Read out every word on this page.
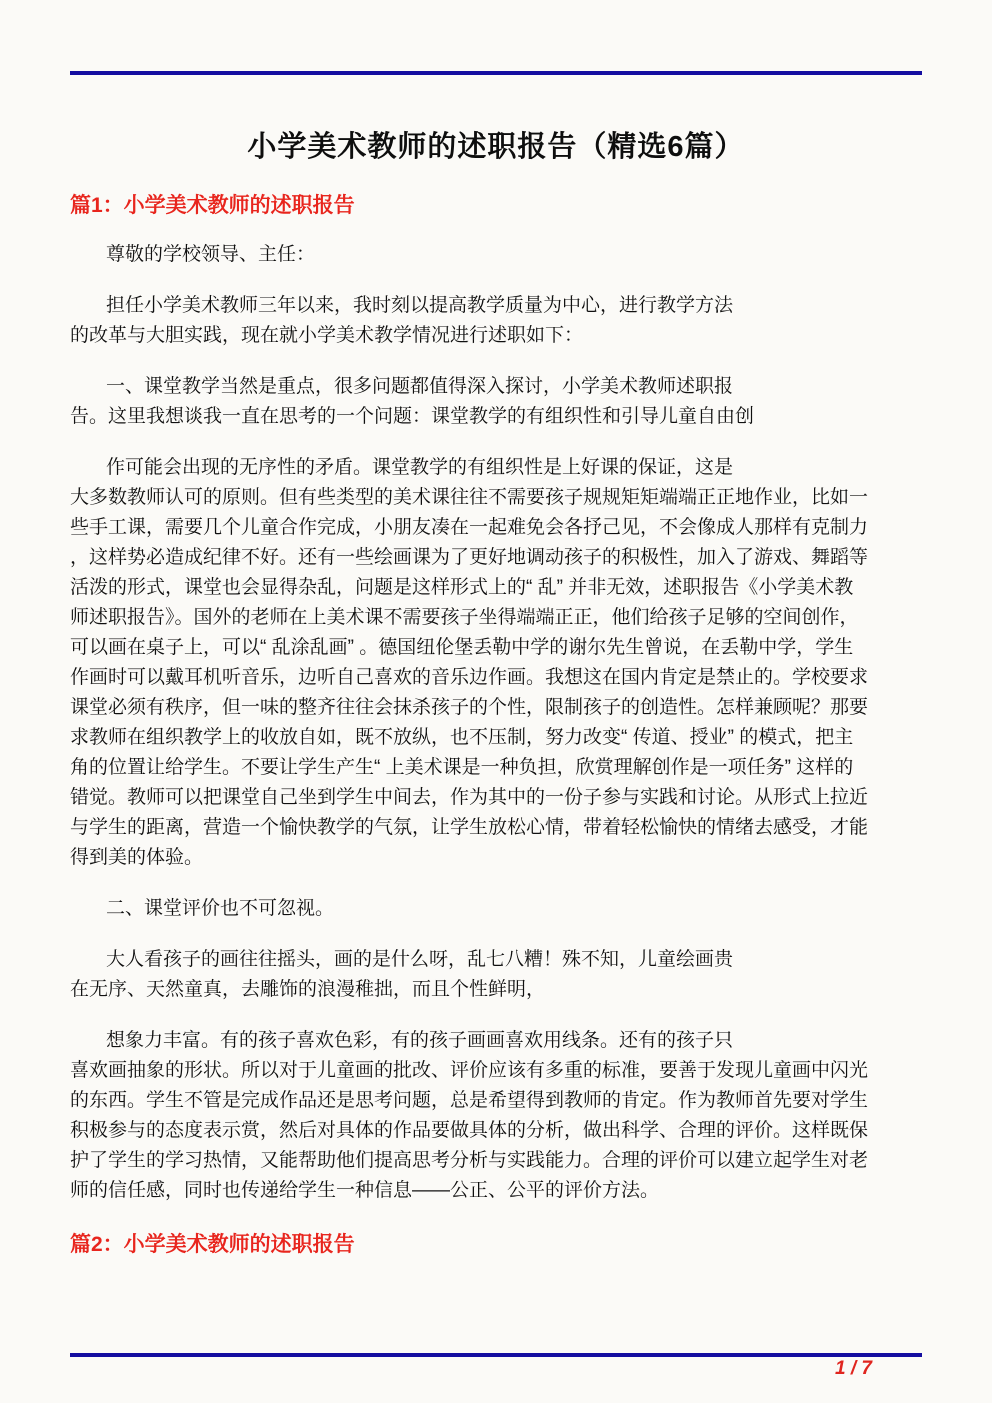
小学美术教师的述职报告（精选6篇）
篇1：小学美术教师的述职报告
尊敬的学校领导、主任：
担任小学美术教师三年以来，我时刻以提高教学质量为中心，进行教学方法
的改革与大胆实践，现在就小学美术教学情况进行述职如下：
一、课堂教学当然是重点，很多问题都值得深入探讨，小学美术教师述职报
告。这里我想谈我一直在思考的一个问题：课堂教学的有组织性和引导儿童自由创
作可能会出现的无序性的矛盾。课堂教学的有组织性是上好课的保证，这是
大多数教师认可的原则。但有些类型的美术课往往不需要孩子规规矩矩端端正正地作业，比如一
些手工课，需要几个儿童合作完成，小朋友凑在一起难免会各抒己见，不会像成人那样有克制力
，这样势必造成纪律不好。还有一些绘画课为了更好地调动孩子的积极性，加入了游戏、舞蹈等
活泼的形式，课堂也会显得杂乱，问题是这样形式上的“ 乱” 并非无效，述职报告《小学美术教
师述职报告》。国外的老师在上美术课不需要孩子坐得端端正正，他们给孩子足够的空间创作，
可以画在桌子上，可以“ 乱涂乱画” 。德国纽伦堡丢勒中学的谢尔先生曾说，在丢勒中学，学生
作画时可以戴耳机听音乐，边听自己喜欢的音乐边作画。我想这在国内肯定是禁止的。学校要求
课堂必须有秩序，但一味的整齐往往会抹杀孩子的个性，限制孩子的创造性。怎样兼顾呢？那要
求教师在组织教学上的收放自如，既不放纵，也不压制，努力改变“ 传道、授业” 的模式，把主
角的位置让给学生。不要让学生产生“ 上美术课是一种负担，欣赏理解创作是一项任务” 这样的
错觉。教师可以把课堂自己坐到学生中间去，作为其中的一份子参与实践和讨论。从形式上拉近
与学生的距离，营造一个愉快教学的气氛，让学生放松心情，带着轻松愉快的情绪去感受，才能
得到美的体验。
二、课堂评价也不可忽视。
大人看孩子的画往往摇头，画的是什么呀，乱七八糟！殊不知，儿童绘画贵
在无序、天然童真，去雕饰的浪漫稚拙，而且个性鲜明，
想象力丰富。有的孩子喜欢色彩，有的孩子画画喜欢用线条。还有的孩子只
喜欢画抽象的形状。所以对于儿童画的批改、评价应该有多重的标准，要善于发现儿童画中闪光
的东西。学生不管是完成作品还是思考问题，总是希望得到教师的肯定。作为教师首先要对学生
积极参与的态度表示赏，然后对具体的作品要做具体的分析，做出科学、合理的评价。这样既保
护了学生的学习热情，又能帮助他们提高思考分析与实践能力。合理的评价可以建立起学生对老
师的信任感，同时也传递给学生一种信息——公正、公平的评价方法。
篇2：小学美术教师的述职报告
1 / 7
